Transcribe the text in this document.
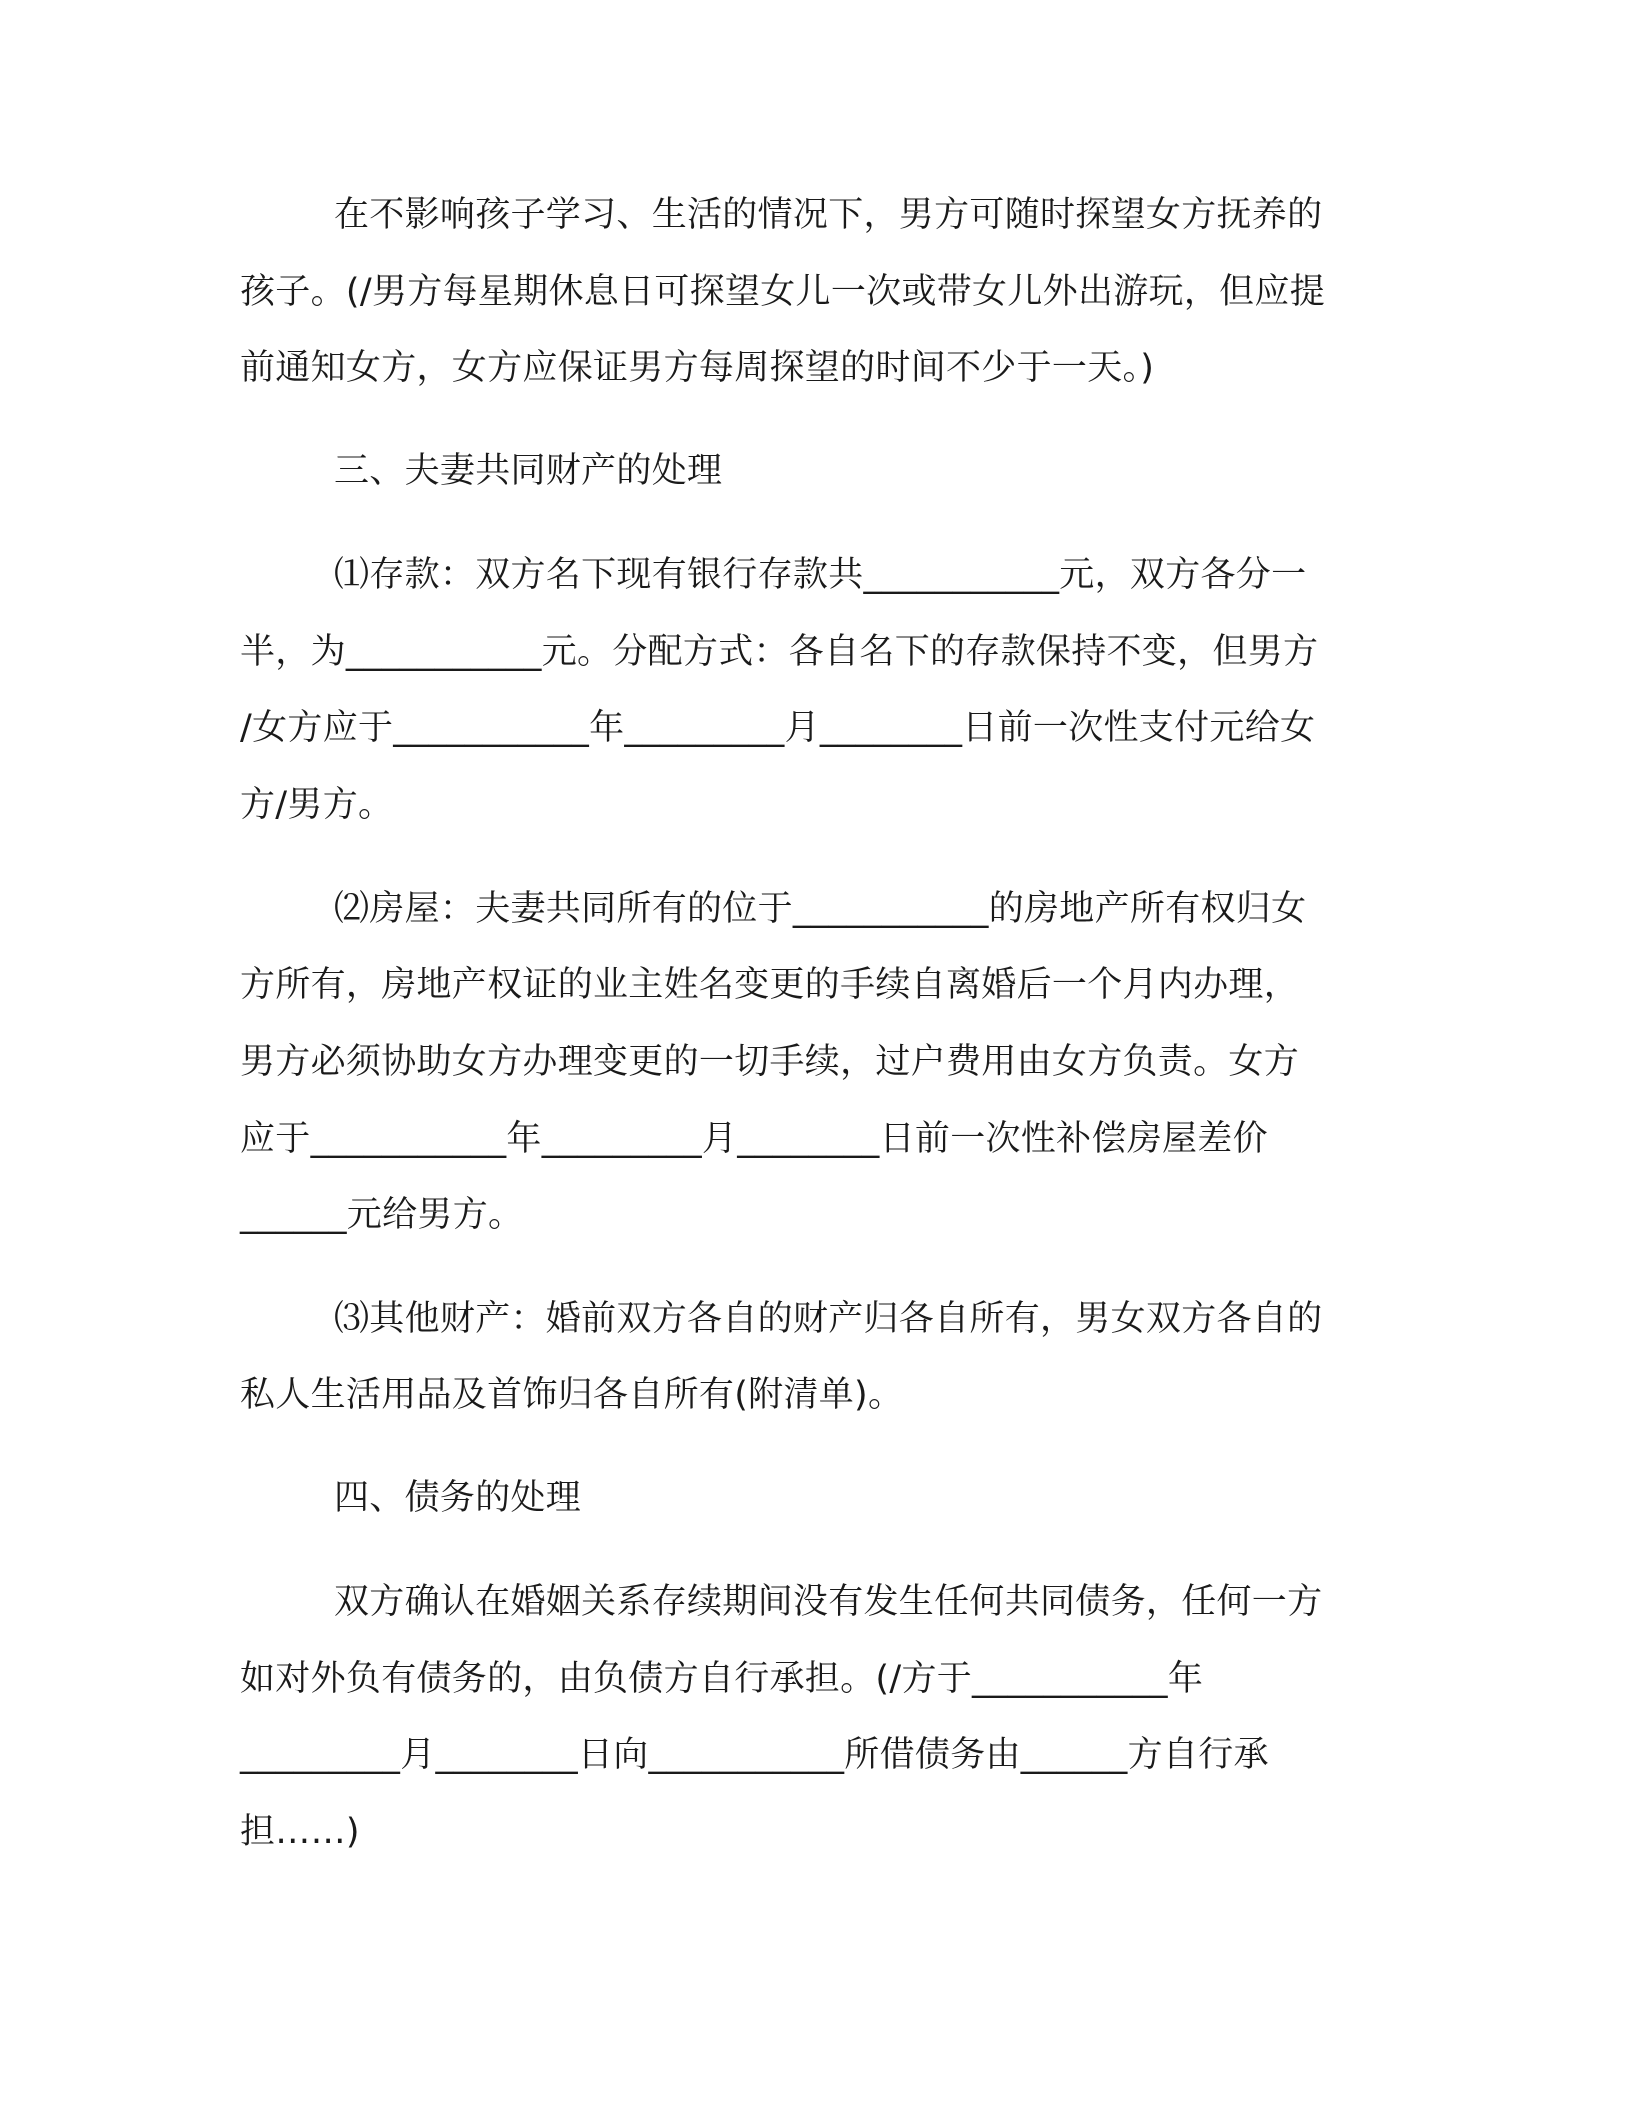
在不影响孩子学习、生活的情况下，男方可随时探望女方抚养的
孩子。(/男方每星期休息日可探望女儿一次或带女儿外出游玩，但应提
前通知女方，女方应保证男方每周探望的时间不少于一天。)
三、夫妻共同财产的处理
⑴存款：双方名下现有银行存款共___________元，双方各分一
半，为___________元。分配方式：各自名下的存款保持不变，但男方
/女方应于___________年_________月________日前一次性支付元给女
方/男方。
⑵房屋：夫妻共同所有的位于___________的房地产所有权归女
方所有，房地产权证的业主姓名变更的手续自离婚后一个月内办理，
男方必须协助女方办理变更的一切手续，过户费用由女方负责。女方
应于___________年_________月________日前一次性补偿房屋差价
______元给男方。
⑶其他财产：婚前双方各自的财产归各自所有，男女双方各自的
私人生活用品及首饰归各自所有(附清单)。
四、债务的处理
双方确认在婚姻关系存续期间没有发生任何共同债务，任何一方
如对外负有债务的，由负债方自行承担。(/方于___________年
_________月________日向___________所借债务由______方自行承
担……)
